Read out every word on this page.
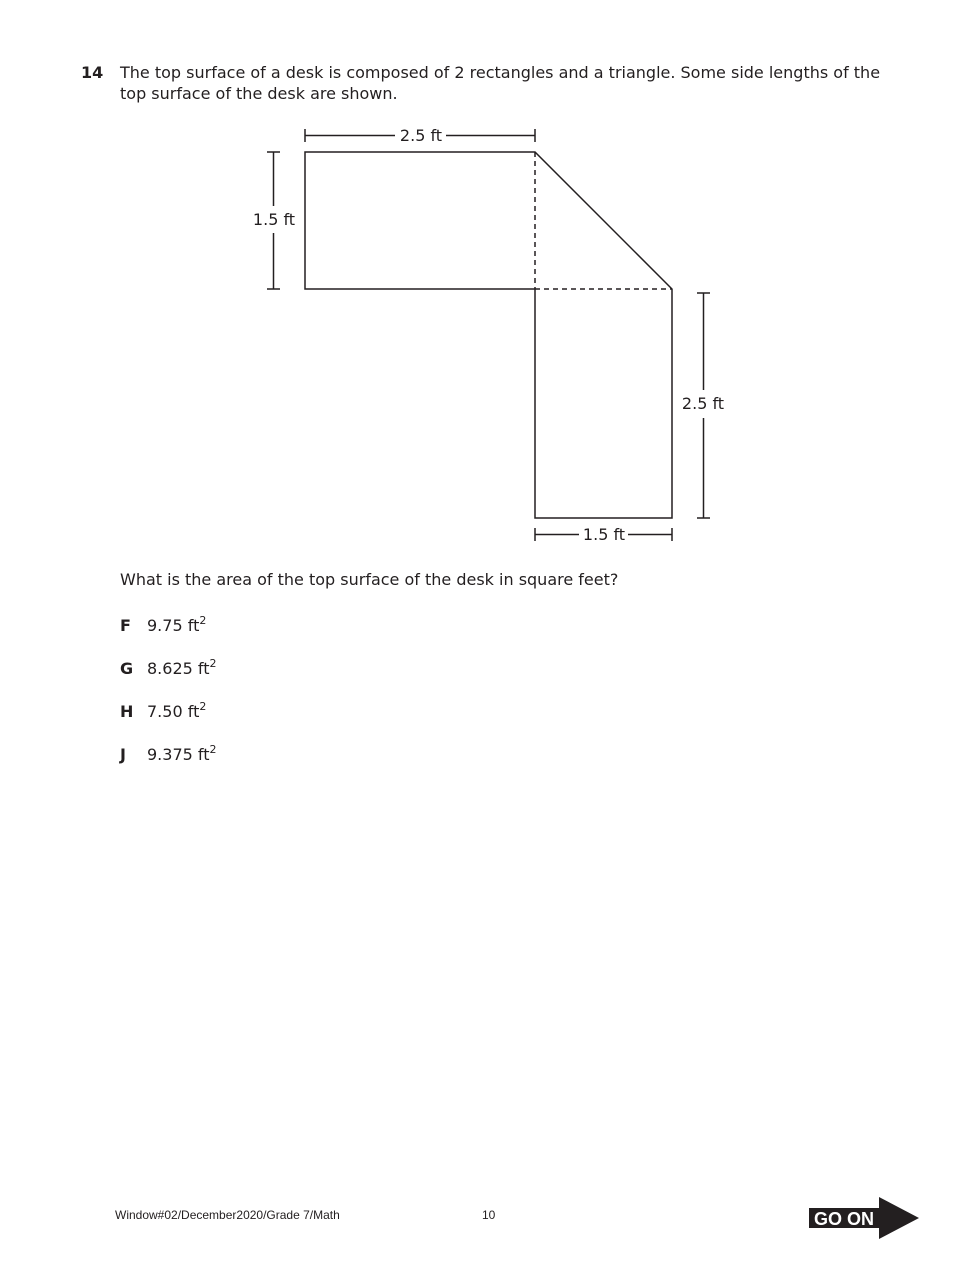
14 The top surface of a desk is composed of 2 rectangles and a triangle. Some side lengths of the top surface of the desk are shown.
2.5 ft
1.5 ft
2.5 ft
1.5 ft
What is the area of the top surface of the desk in square feet?
F 9.75 $ft^2$
G 8.625 $ft^2$
H 7.50 $ft^2$
J 9.375 $ft^2$
Window#02/December2020/Grade 7/Math	10	GO ON
